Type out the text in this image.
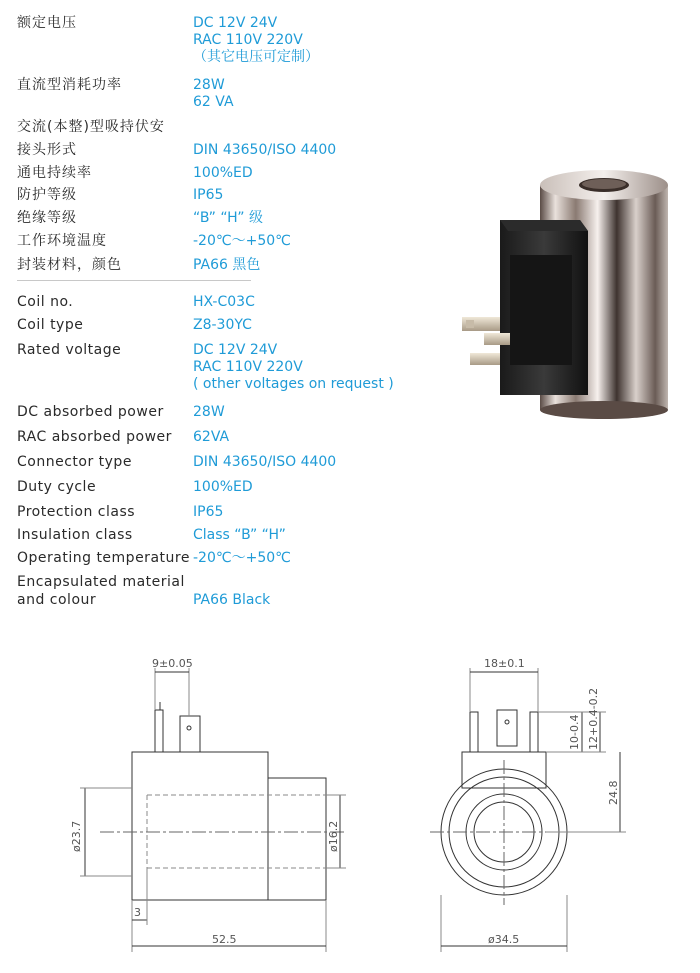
额定电压	DC 12V 24V
RAC 110V 220V
（其它电压可定制）
直流型消耗功率	28W
62 VA
交流(本整)型吸持伏安
接头形式	DIN 43650/ISO 4400
通电持续率	100%ED
防护等级	IP65
绝缘等级	“B” “H” 级
工作环境温度	-20℃～+50℃
封装材料，颜色	PA66 黑色
Coil no.	HX-C03C
Coil type	Z8-30YC
Rated voltage	DC 12V 24V
RAC 110V 220V
( other voltages on request )
DC absorbed power 28W
RAC absorbed power 62VA
Connector type	DIN 43650/ISO 4400
Duty cycle	100%ED
Protection class	IP65
Insulation class	Class “B” “H”
Operating temperature -20℃～+50℃
Encapsulated material
and colour	PA66 Black
9±0.05
ø23.7	ø16.2
3
52.5
18±0.1
10-0.4 12+0.4-0.2
24.8
ø34.5
